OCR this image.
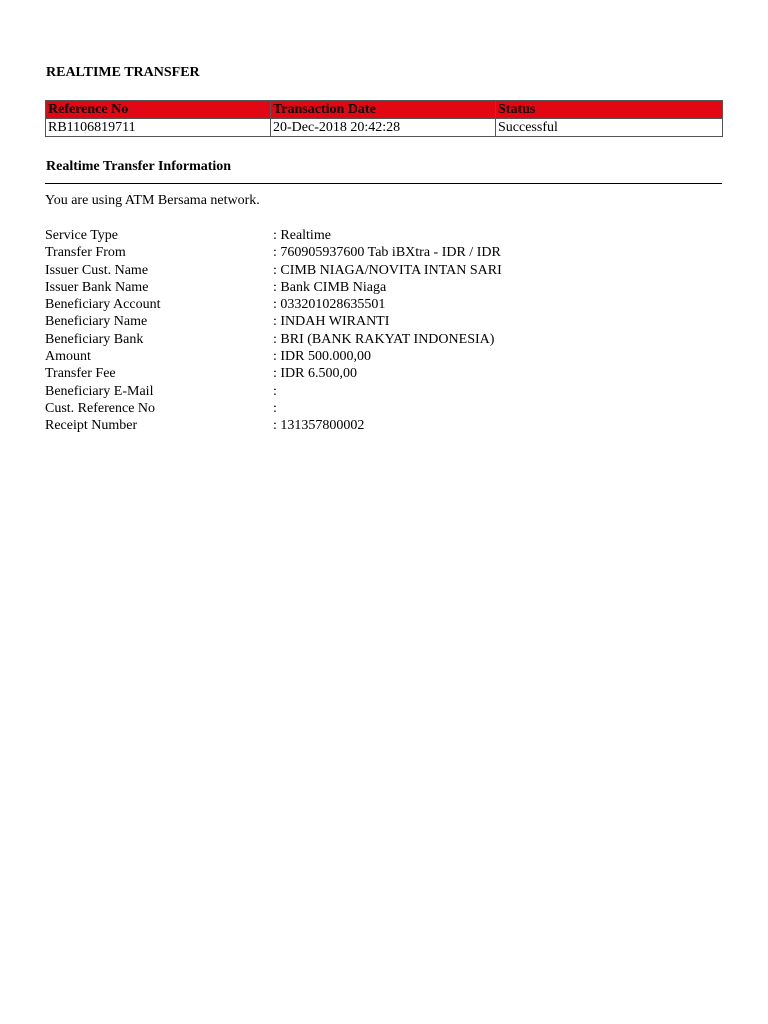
REALTIME TRANSFER
Reference No	Transaction Date	Status
RB1106819711	20-Dec-2018 20:42:28	Successful
Realtime Transfer Information
You are using ATM Bersama network.
Service Type	: Realtime
Transfer From	: 760905937600 Tab iBXtra - IDR / IDR
Issuer Cust. Name	: CIMB NIAGA/NOVITA INTAN SARI
Issuer Bank Name	: Bank CIMB Niaga
Beneficiary Account	: 033201028635501
Beneficiary Name	: INDAH WIRANTI
Beneficiary Bank	: BRI (BANK RAKYAT INDONESIA)
Amount	: IDR 500.000,00
Transfer Fee	: IDR 6.500,00
Beneficiary E-Mail	:
Cust. Reference No	:
Receipt Number	: 131357800002
